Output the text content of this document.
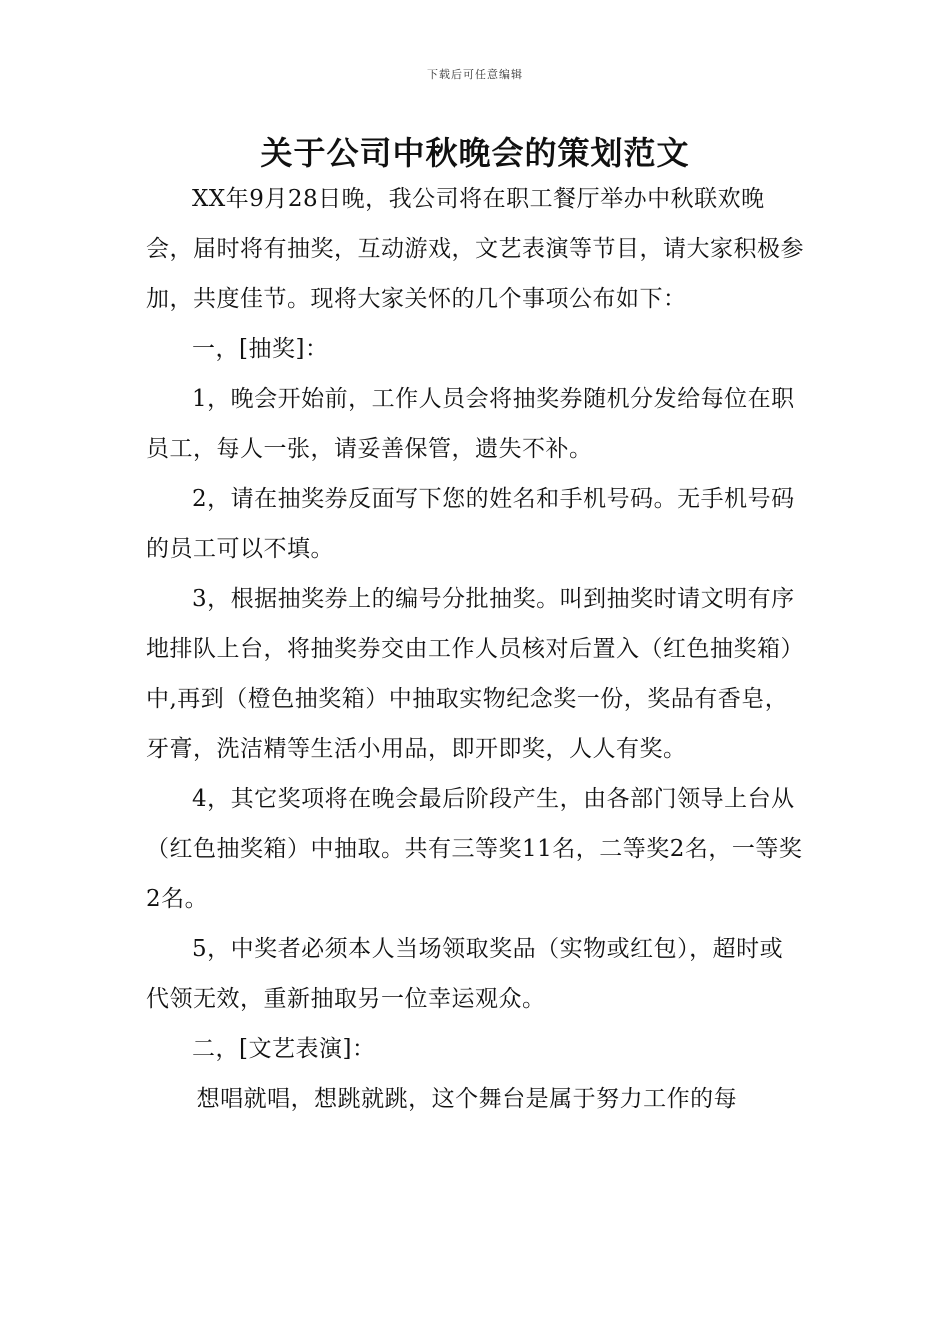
下载后可任意编辑
关于公司中秋晚会的策划范文

XX年9月28日晚，我公司将在职工餐厅举办中秋联欢晚会，届时将有抽奖，互动游戏，文艺表演等节目，请大家积极参加，共度佳节。现将大家关怀的几个事项公布如下：

一，[抽奖]：

1，晚会开始前，工作人员会将抽奖券随机分发给每位在职员工，每人一张，请妥善保管，遗失不补。

2，请在抽奖券反面写下您的姓名和手机号码。无手机号码的员工可以不填。

3，根据抽奖券上的编号分批抽奖。叫到抽奖时请文明有序地排队上台，将抽奖券交由工作人员核对后置入（红色抽奖箱）中,再到（橙色抽奖箱）中抽取实物纪念奖一份，奖品有香皂，牙膏，洗洁精等生活小用品，即开即奖，人人有奖。

4，其它奖项将在晚会最后阶段产生，由各部门领导上台从（红色抽奖箱）中抽取。共有三等奖11名，二等奖2名，一等奖2名。

5，中奖者必须本人当场领取奖品（实物或红包），超时或代领无效，重新抽取另一位幸运观众。

二，[文艺表演]：

想唱就唱，想跳就跳，这个舞台是属于努力工作的每
